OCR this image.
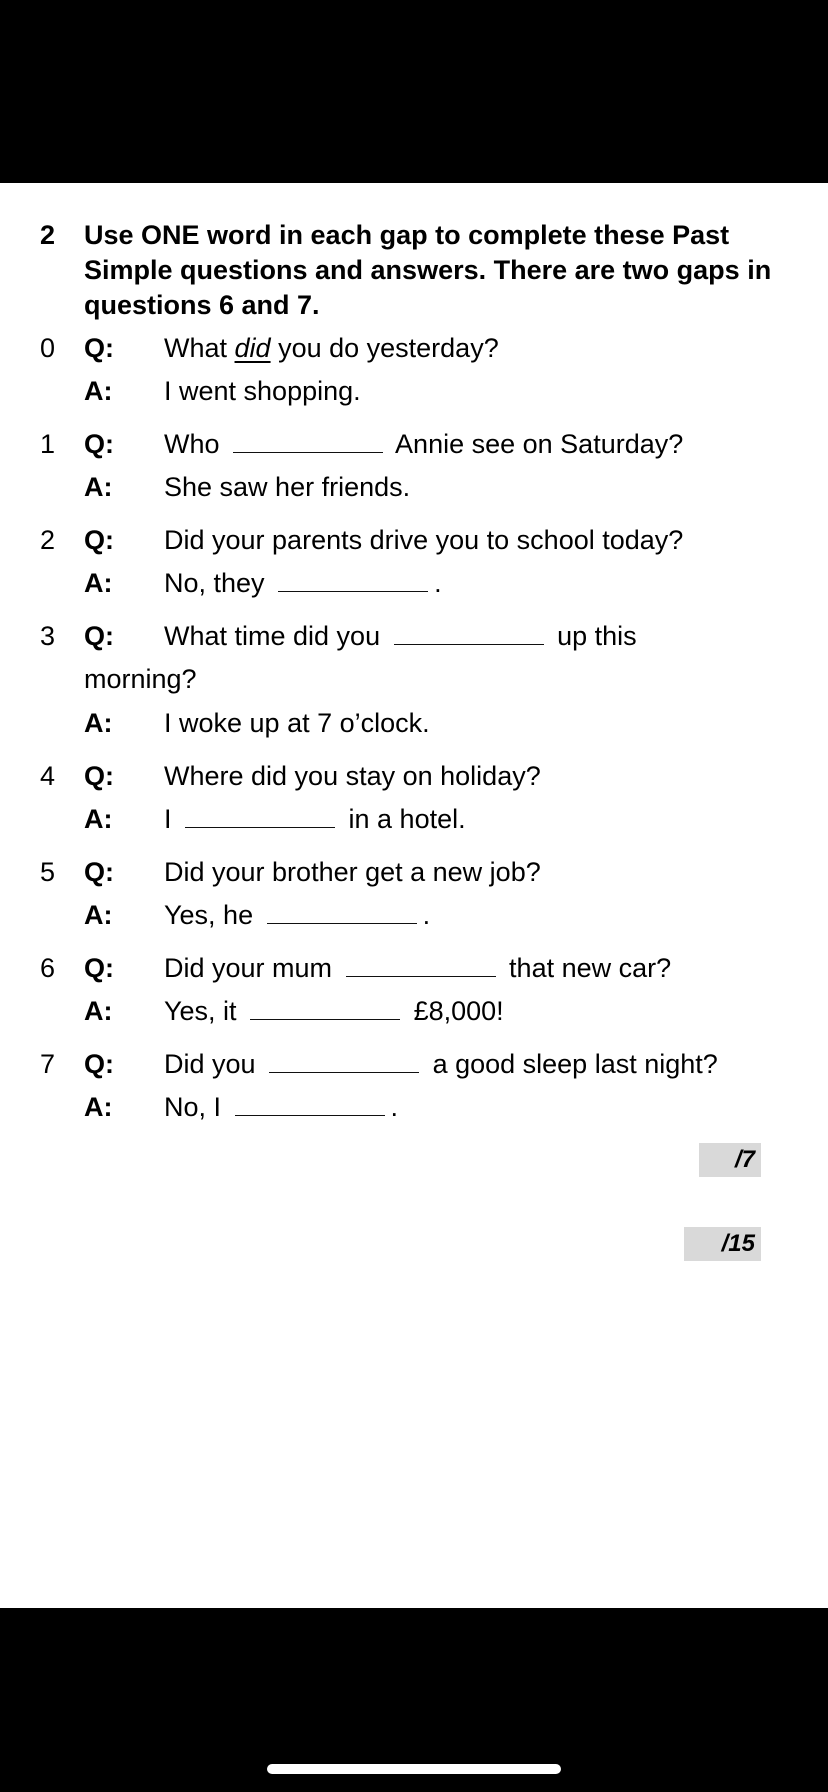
2 Use ONE word in each gap to complete these Past Simple questions and answers. There are two gaps in questions 6 and 7.
0 Q: What did you do yesterday?
A: I went shopping.
1 Q: Who	Annie see on Saturday?
A: She saw her friends.
2 Q: Did your parents drive you to school today?
A: No, they	.
3 Q: What time did you	up this
morning?
A: I woke up at 7 o’clock.
4 Q: Where did you stay on holiday?
A: I	in a hotel.
5 Q: Did your brother get a new job?
A: Yes, he	.
6 Q: Did your mum	that new car?
A: Yes, it	£8,000!
7 Q: Did you	a good sleep last night?
A: No, I	.
/7
/15
